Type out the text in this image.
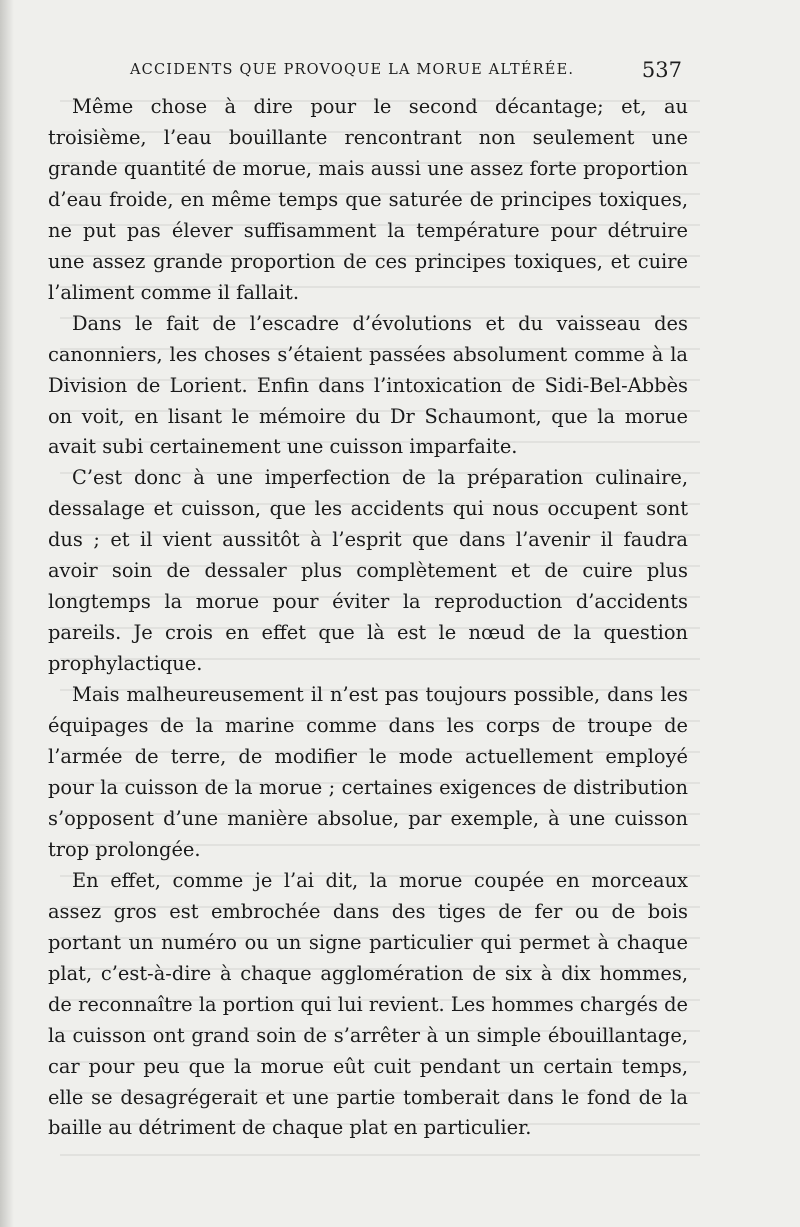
ACCIDENTS QUE PROVOQUE LA MORUE ALTÉRÉE.	537

Même chose à dire pour le second décantage; et, au troisième, l’eau bouillante rencontrant non seulement une grande quantité de morue, mais aussi une assez forte proportion d’eau froide, en même temps que saturée de principes toxiques, ne put pas élever suffisamment la température pour détruire une assez grande proportion de ces principes toxiques, et cuire l’aliment comme il fallait.

Dans le fait de l’escadre d’évolutions et du vaisseau des canonniers, les choses s’étaient passées absolument comme à la Division de Lorient. Enfin dans l’intoxication de Sidi-Bel-Abbès on voit, en lisant le mémoire du Dr Schaumont, que la morue avait subi certainement une cuisson imparfaite.

C’est donc à une imperfection de la préparation culinaire, dessalage et cuisson, que les accidents qui nous occupent sont dus ; et il vient aussitôt à l’esprit que dans l’avenir il faudra avoir soin de dessaler plus complètement et de cuire plus longtemps la morue pour éviter la reproduction d’accidents pareils. Je crois en effet que là est le nœud de la question prophylactique.

Mais malheureusement il n’est pas toujours possible, dans les équipages de la marine comme dans les corps de troupe de l’armée de terre, de modifier le mode actuellement employé pour la cuisson de la morue ; certaines exigences de distribution s’opposent d’une manière absolue, par exemple, à une cuisson trop prolongée.

En effet, comme je l’ai dit, la morue coupée en morceaux assez gros est embrochée dans des tiges de fer ou de bois portant un numéro ou un signe particulier qui permet à chaque plat, c’est-à-dire à chaque agglomération de six à dix hommes, de reconnaître la portion qui lui revient. Les hommes chargés de la cuisson ont grand soin de s’arrêter à un simple ébouillantage, car pour peu que la morue eût cuit pendant un certain temps, elle se desagrégerait et une partie tomberait dans le fond de la baille au détriment de chaque plat en particulier.
